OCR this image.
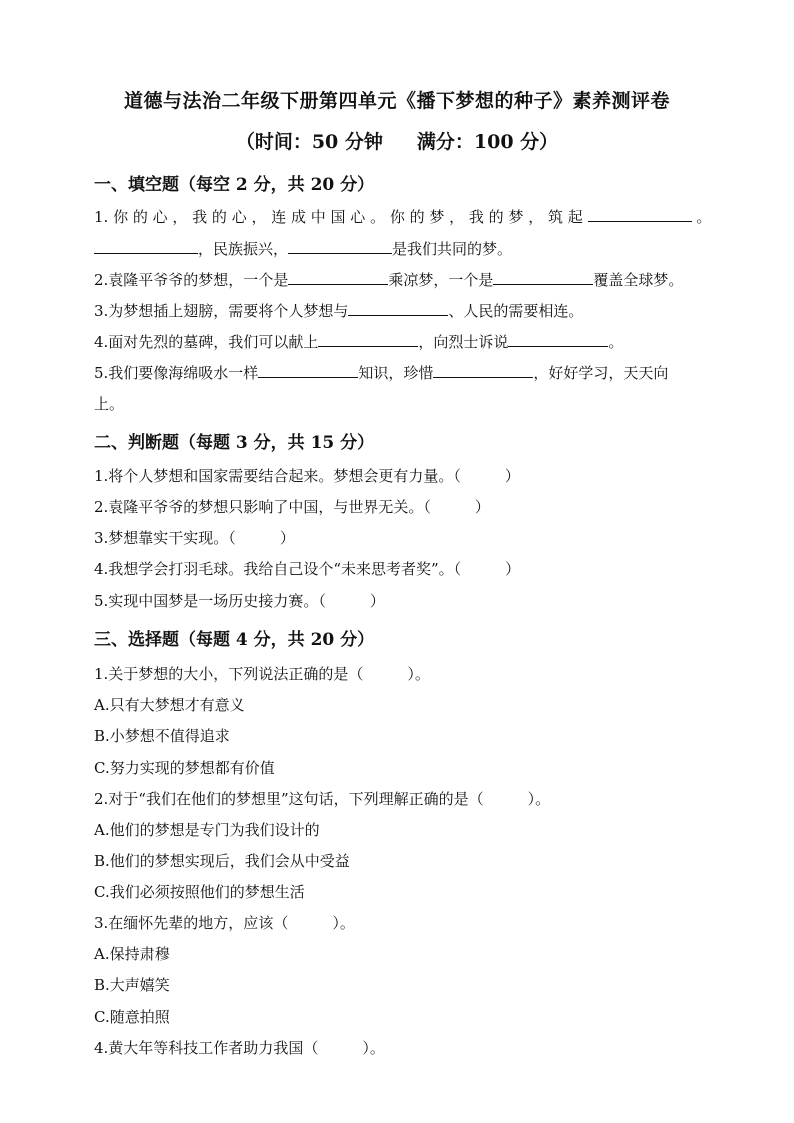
道德与法治二年级下册第四单元《播下梦想的种子》素养测评卷
（时间：50 分钟 满分：100 分）
一、填空题（每空 2 分，共 20 分）
1. 你 的 心 ， 我 的 心 ， 连 成 中 国 心 。 你 的 梦 ， 我 的 梦 ， 筑 起	。
，民族振兴，	是我们共同的梦。
2.袁隆平爷爷的梦想，一个是	乘凉梦，一个是	覆盖全球梦。
3.为梦想插上翅膀，需要将个人梦想与	、人民的需要相连。
4.面对先烈的墓碑，我们可以献上	，向烈士诉说	。
5.我们要像海绵吸水一样	知识，珍惜	，好好学习，天天向
上。
二、判断题（每题 3 分，共 15 分）
1.将个人梦想和国家需要结合起来。梦想会更有力量。（	）
2.袁隆平爷爷的梦想只影响了中国，与世界无关。（	）
3.梦想靠实干实现。（	）
4.我想学会打羽毛球。我给自己设个“未来思考者奖”。（	）
5.实现中国梦是一场历史接力赛。（	）
三、选择题（每题 4 分，共 20 分）
1.关于梦想的大小，下列说法正确的是（	）。
A.只有大梦想才有意义
B.小梦想不值得追求
C.努力实现的梦想都有价值
2.对于“我们在他们的梦想里”这句话，下列理解正确的是（	）。
A.他们的梦想是专门为我们设计的
B.他们的梦想实现后，我们会从中受益
C.我们必须按照他们的梦想生活
3.在缅怀先辈的地方，应该（	）。
A.保持肃穆
B.大声嬉笑
C.随意拍照
4.黄大年等科技工作者助力我国（	）。
